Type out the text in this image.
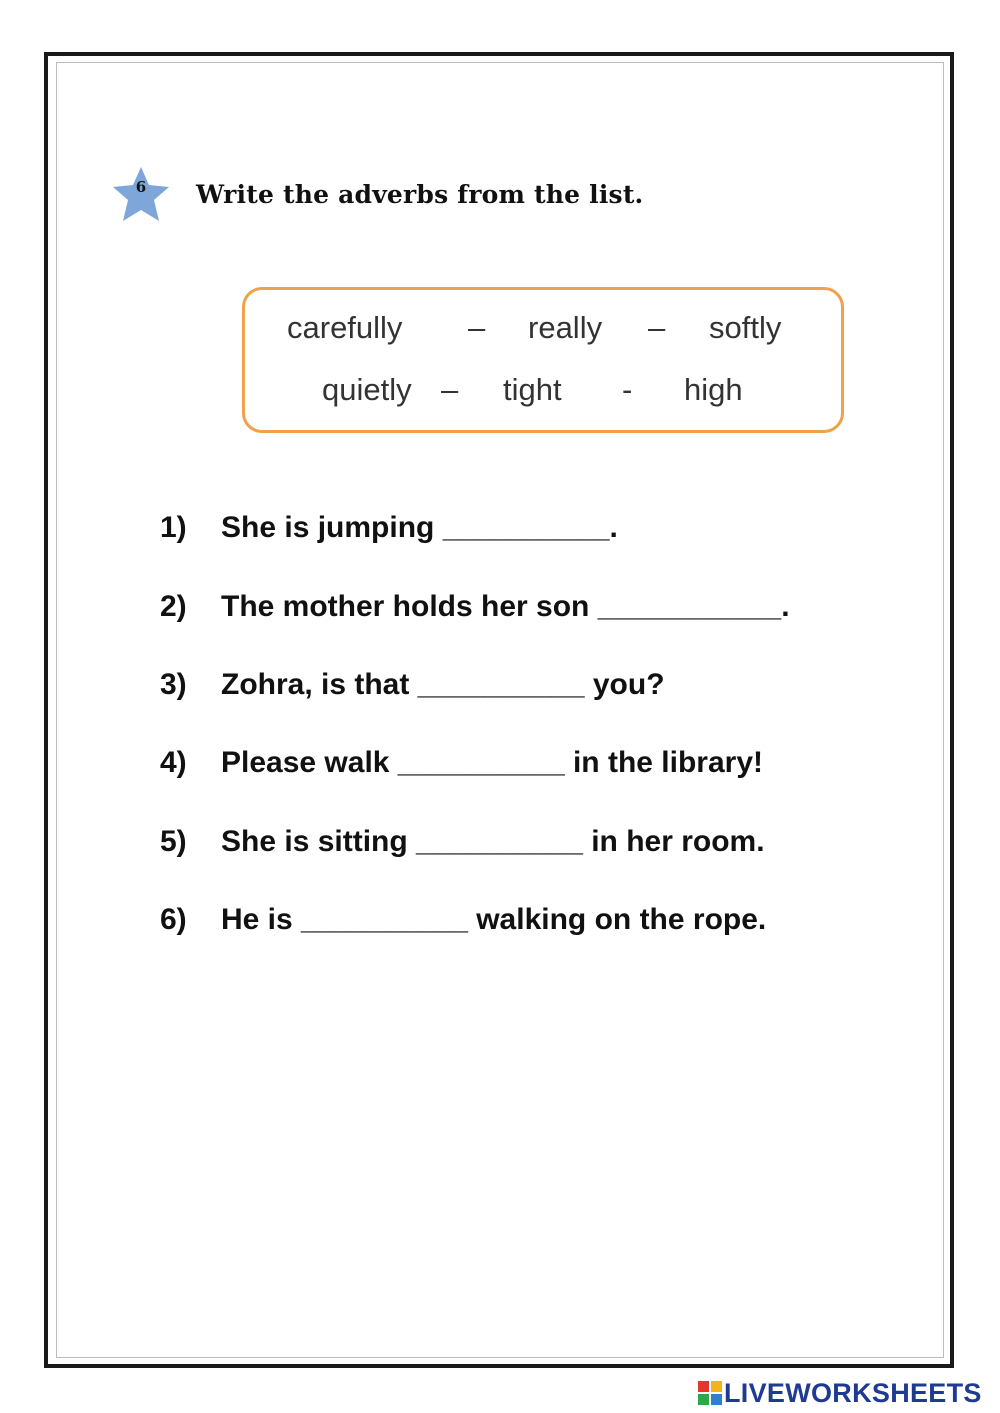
6	Write the adverbs from the list.
carefully – really – softly
quietly – tight - high
1) She is jumping __________.
2) The mother holds her son ___________.
3) Zohra, is that __________ you?
4) Please walk __________ in the library!
5) She is sitting __________ in her room.
6) He is __________ walking on the rope.
LIVEWORKSHEETS
